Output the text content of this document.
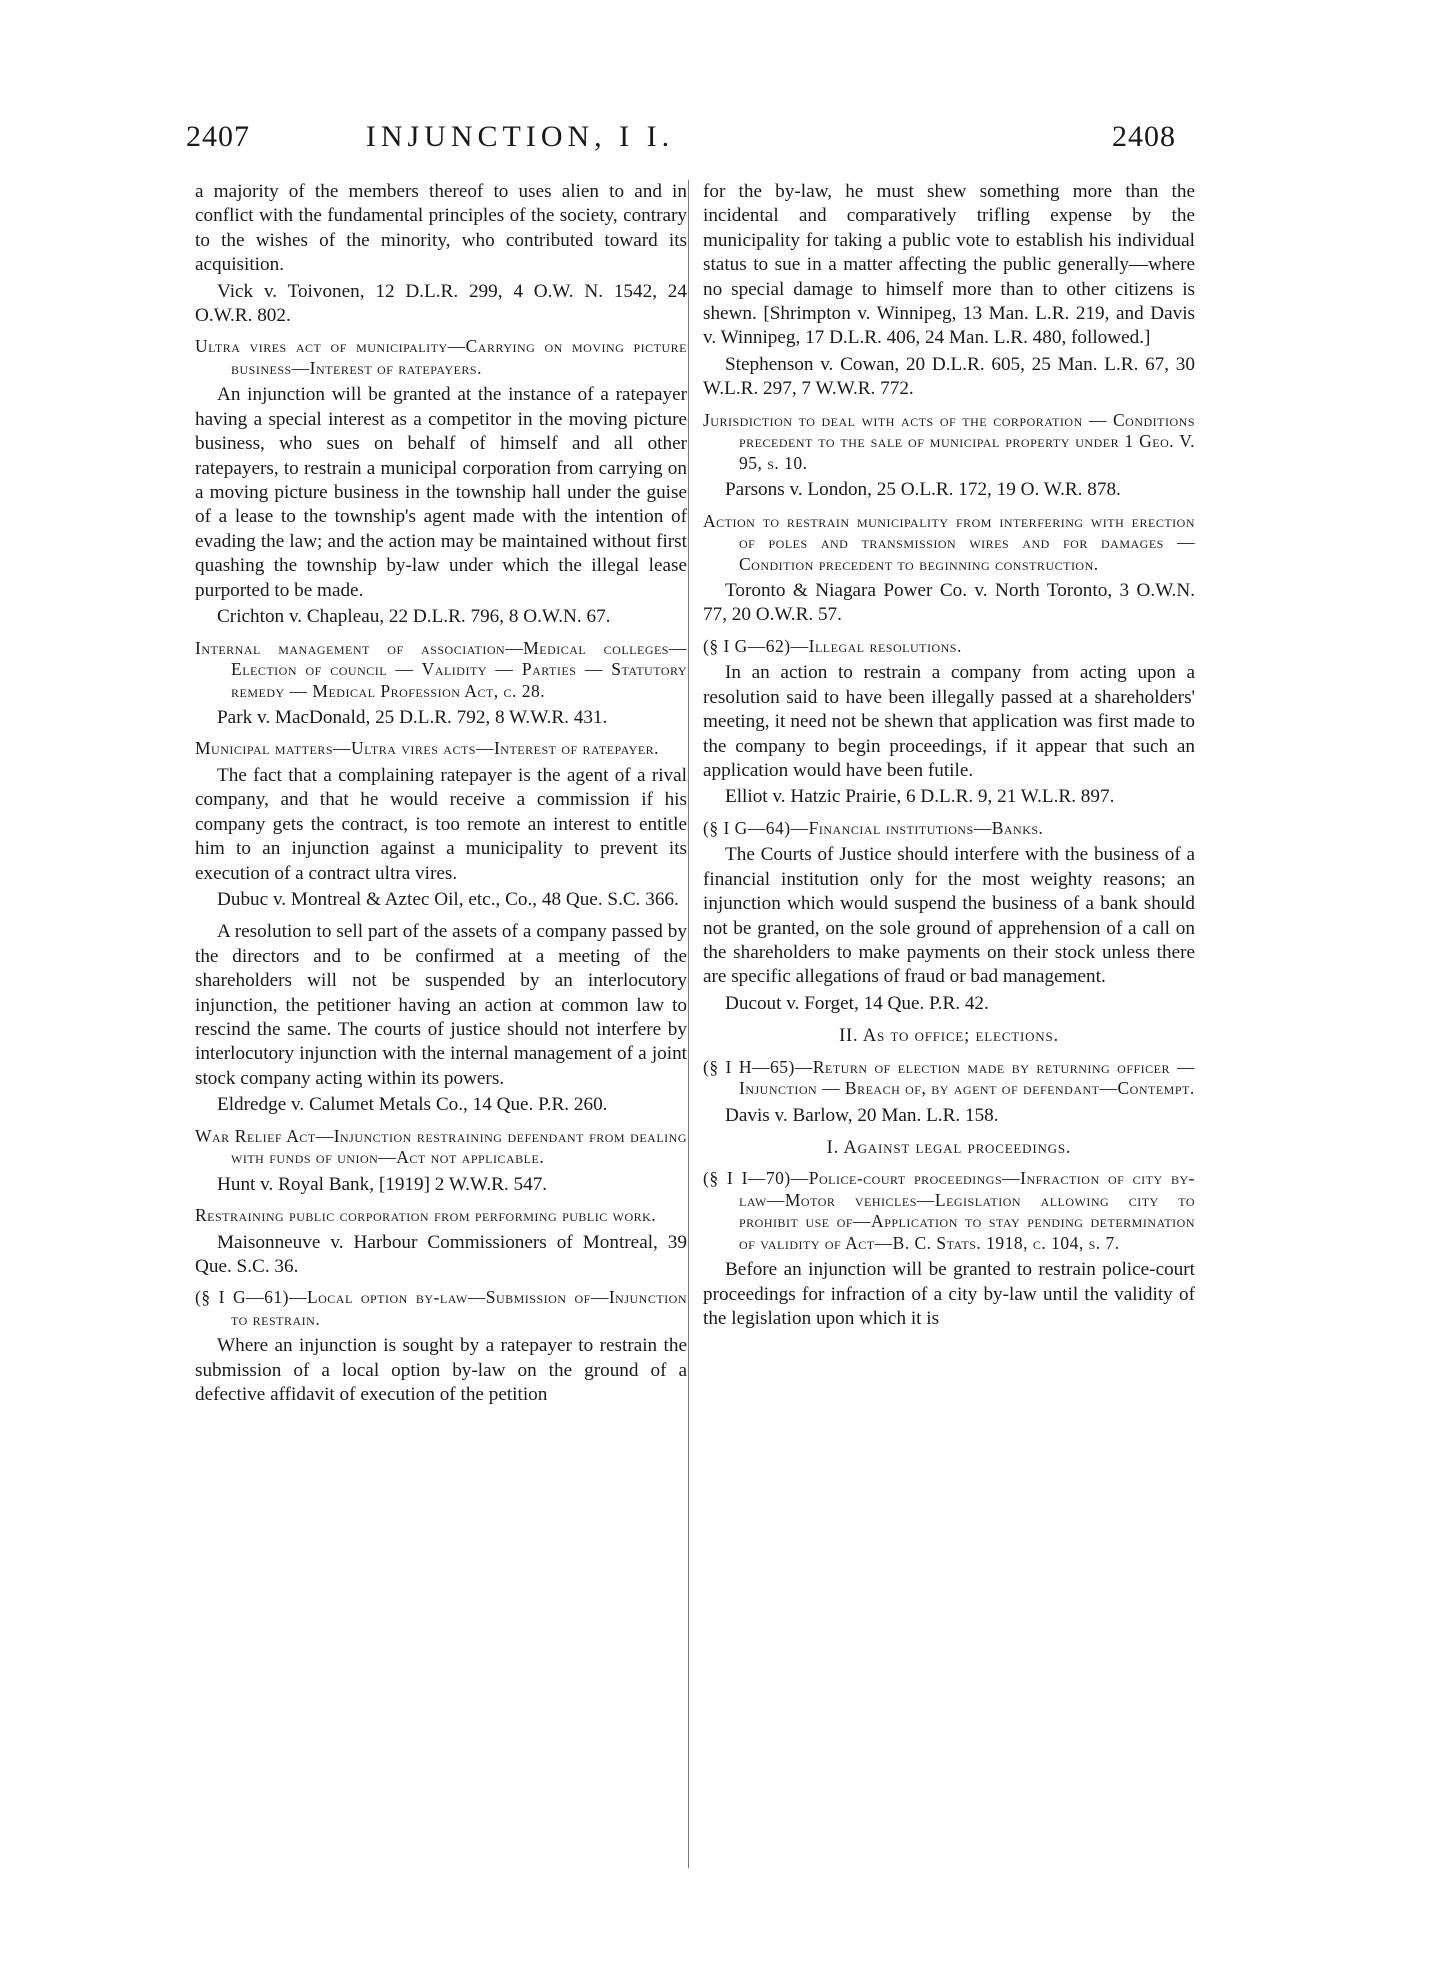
2407	INJUNCTION, I I.	2408
a majority of the members thereof to uses alien to and in conflict with the fundamental principles of the society, contrary to the wishes of the minority, who contributed toward its acquisition.
Vick v. Toivonen, 12 D.L.R. 299, 4 O.W. N. 1542, 24 O.W.R. 802.
Ultra vires act of municipality—Carrying on moving picture business—Interest of ratepayers.
An injunction will be granted at the instance of a ratepayer having a special interest as a competitor in the moving picture business, who sues on behalf of himself and all other ratepayers, to restrain a municipal corporation from carrying on a moving picture business in the township hall under the guise of a lease to the township's agent made with the intention of evading the law; and the action may be maintained without first quashing the township by-law under which the illegal lease purported to be made.
Crichton v. Chapleau, 22 D.L.R. 796, 8 O.W.N. 67.
Internal management of association—Medical colleges—Election of council — Validity — Parties — Statutory remedy — Medical Profession Act, c. 28.
Park v. MacDonald, 25 D.L.R. 792, 8 W.W.R. 431.
Municipal matters—Ultra vires acts—Interest of ratepayer.
The fact that a complaining ratepayer is the agent of a rival company, and that he would receive a commission if his company gets the contract, is too remote an interest to entitle him to an injunction against a municipality to prevent its execution of a contract ultra vires.
Dubuc v. Montreal & Aztec Oil, etc., Co., 48 Que. S.C. 366.
A resolution to sell part of the assets of a company passed by the directors and to be confirmed at a meeting of the shareholders will not be suspended by an interlocutory injunction, the petitioner having an action at common law to rescind the same. The courts of justice should not interfere by interlocutory injunction with the internal management of a joint stock company acting within its powers.
Eldredge v. Calumet Metals Co., 14 Que. P.R. 260.
War Relief Act—Injunction restraining defendant from dealing with funds of union—Act not applicable.
Hunt v. Royal Bank, [1919] 2 W.W.R. 547.
Restraining public corporation from performing public work.
Maisonneuve v. Harbour Commissioners of Montreal, 39 Que. S.C. 36.
(§ I G—61)—Local option by-law—Submission of—Injunction to restrain.
Where an injunction is sought by a ratepayer to restrain the submission of a local option by-law on the ground of a defective affidavit of execution of the petition
for the by-law, he must shew something more than the incidental and comparatively trifling expense by the municipality for taking a public vote to establish his individual status to sue in a matter affecting the public generally—where no special damage to himself more than to other citizens is shewn. [Shrimpton v. Winnipeg, 13 Man. L.R. 219, and Davis v. Winnipeg, 17 D.L.R. 406, 24 Man. L.R. 480, followed.]
Stephenson v. Cowan, 20 D.L.R. 605, 25 Man. L.R. 67, 30 W.L.R. 297, 7 W.W.R. 772.
Jurisdiction to deal with acts of the corporation — Conditions precedent to the sale of municipal property under 1 Geo. V. 95, s. 10.
Parsons v. London, 25 O.L.R. 172, 19 O. W.R. 878.
Action to restrain municipality from interfering with erection of poles and transmission wires and for damages — Condition precedent to beginning construction.
Toronto & Niagara Power Co. v. North Toronto, 3 O.W.N. 77, 20 O.W.R. 57.
(§ I G—62)—Illegal resolutions.
In an action to restrain a company from acting upon a resolution said to have been illegally passed at a shareholders' meeting, it need not be shewn that application was first made to the company to begin proceedings, if it appear that such an application would have been futile.
Elliot v. Hatzic Prairie, 6 D.L.R. 9, 21 W.L.R. 897.
(§ I G—64)—Financial institutions—Banks.
The Courts of Justice should interfere with the business of a financial institution only for the most weighty reasons; an injunction which would suspend the business of a bank should not be granted, on the sole ground of apprehension of a call on the shareholders to make payments on their stock unless there are specific allegations of fraud or bad management.
Ducout v. Forget, 14 Que. P.R. 42.
II. As to office; elections.
(§ I H—65)—Return of election made by returning officer — Injunction — Breach of, by agent of defendant—Contempt.
Davis v. Barlow, 20 Man. L.R. 158.
I. Against legal proceedings.
(§ I I—70)—Police-court proceedings—Infraction of city by-law—Motor vehicles—Legislation allowing city to prohibit use of—Application to stay pending determination of validity of Act—B. C. Stats. 1918, c. 104, s. 7.
Before an injunction will be granted to restrain police-court proceedings for infraction of a city by-law until the validity of the legislation upon which it is
